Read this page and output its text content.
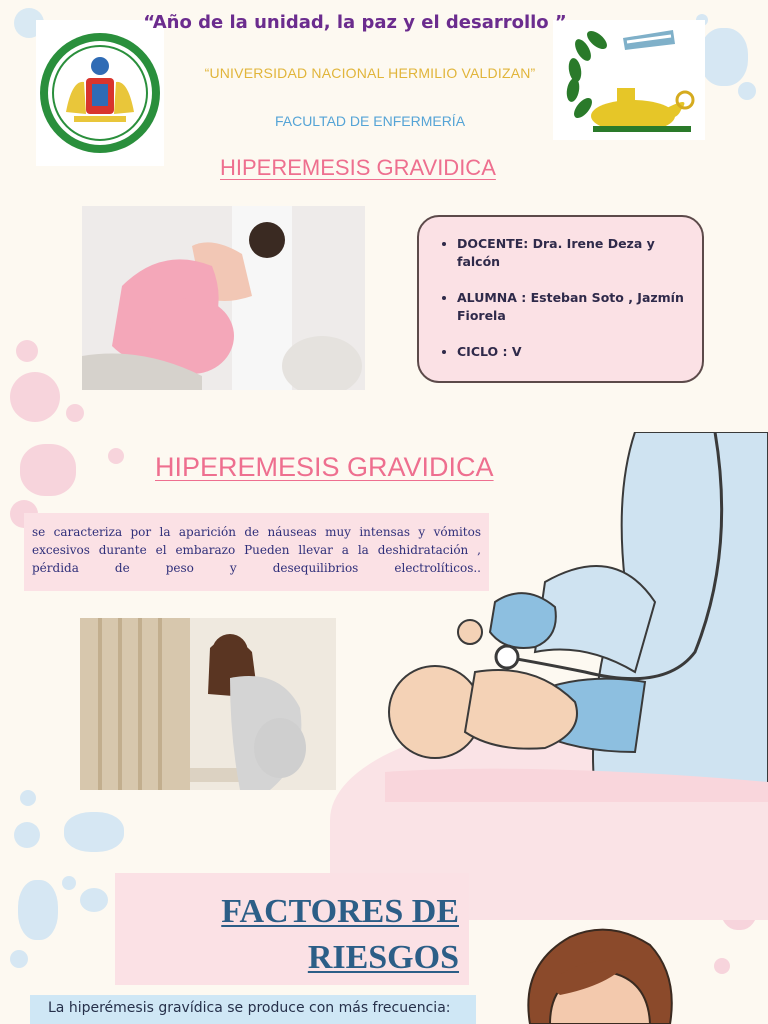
“Año de la unidad, la paz y el desarrollo ”
“UNIVERSIDAD NACIONAL HERMILIO VALDIZAN”
FACULTAD DE ENFERMERÍA
HIPEREMESIS GRAVIDICA
• DOCENTE: Dra. Irene Deza y falcón
• ALUMNA : Esteban Soto , Jazmín Fiorela
• CICLO : V
HIPEREMESIS GRAVIDICA
se caracteriza por la aparición de náuseas muy intensas y vómitos excesivos durante el embarazo Pueden llevar a la deshidratación , pérdida de peso y desequilibrios electrolíticos..
FACTORES DE
RIESGOS
La hiperémesis gravídica se produce con más frecuencia:
